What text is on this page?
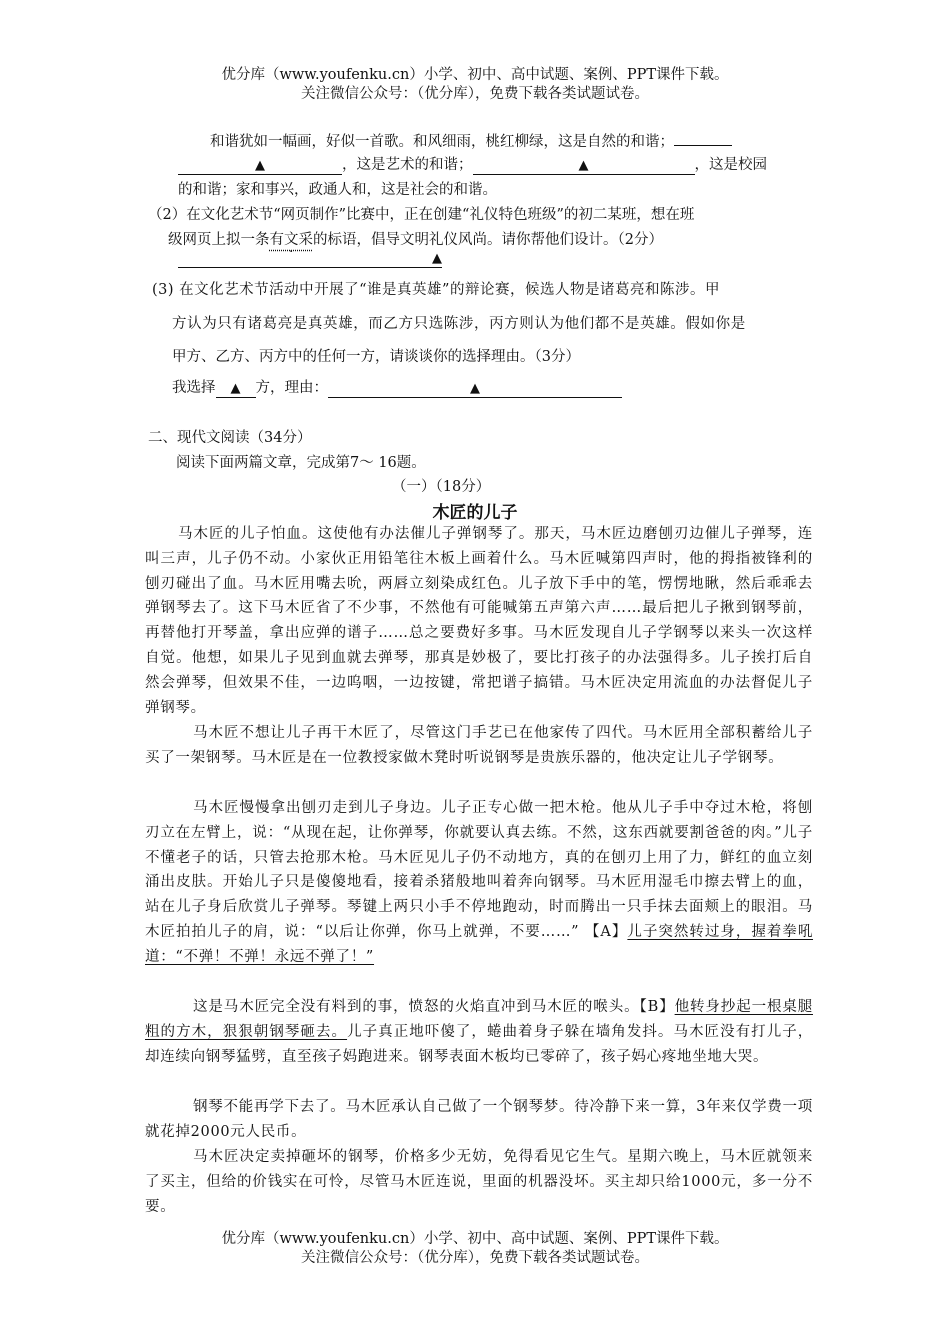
优分库（www.youfenku.cn）小学、初中、高中试题、案例、PPT课件下载。
关注微信公众号：（优分库），免费下载各类试题试卷。
和谐犹如一幅画，好似一首歌。和风细雨，桃红柳绿，这是自然的和谐；
▲	，这是艺术的和谐；	▲	，这是校园
的和谐；家和事兴，政通人和，这是社会的和谐。
（2）在文化艺术节“网页制作”比赛中，正在创建“礼仪特色班级”的初二某班，想在班
级网页上拟一条有文采的标语，倡导文明礼仪风尚。请你帮他们设计。（2分）
▲
(3) 在文化艺术节活动中开展了“谁是真英雄”的辩论赛，候选人物是诸葛亮和陈涉。甲
方认为只有诸葛亮是真英雄，而乙方只选陈涉，丙方则认为他们都不是英雄。假如你是
甲方、乙方、丙方中的任何一方，请谈谈你的选择理由。（3分）
我选择 ▲ 方，理由：	▲
二、现代文阅读（34分）
阅读下面两篇文章，完成第7～ 16题。
（一）（18分）
木匠的儿子
马木匠的儿子怕血。这使他有办法催儿子弹钢琴了。那天，马木匠边磨刨刃边催儿子弹琴，连叫三声，儿子仍不动。小家伙正用铅笔往木板上画着什么。马木匠喊第四声时，他的拇指被锋利的刨刃碰出了血。马木匠用嘴去吮，两唇立刻染成红色。儿子放下手中的笔，愣愣地瞅，然后乖乖去弹钢琴去了。这下马木匠省了不少事，不然他有可能喊第五声第六声……最后把儿子揪到钢琴前，再替他打开琴盖，拿出应弹的谱子……总之要费好多事。马木匠发现自儿子学钢琴以来头一次这样自觉。他想，如果儿子见到血就去弹琴，那真是妙极了，要比打孩子的办法强得多。儿子挨打后自然会弹琴，但效果不佳，一边呜咽，一边按键，常把谱子搞错。马木匠决定用流血的办法督促儿子弹钢琴。
马木匠不想让儿子再干木匠了，尽管这门手艺已在他家传了四代。马木匠用全部积蓄给儿子买了一架钢琴。马木匠是在一位教授家做木凳时听说钢琴是贵族乐器的，他决定让儿子学钢琴。
马木匠慢慢拿出刨刃走到儿子身边。儿子正专心做一把木枪。他从儿子手中夺过木枪，将刨刃立在左臂上，说：“从现在起，让你弹琴，你就要认真去练。不然，这东西就要割爸爸的肉。”儿子不懂老子的话，只管去抢那木枪。马木匠见儿子仍不动地方，真的在刨刃上用了力，鲜红的血立刻涌出皮肤。开始儿子只是傻傻地看，接着杀猪般地叫着奔向钢琴。马木匠用湿毛巾擦去臂上的血，站在儿子身后欣赏儿子弹琴。琴键上两只小手不停地跑动，时而腾出一只手抹去面颊上的眼泪。马木匠拍拍儿子的肩，说：“以后让你弹，你马上就弹，不要……” 【A】儿子突然转过身，握着拳吼道：“不弹！不弹！永远不弹了！”
这是马木匠完全没有料到的事，愤怒的火焰直冲到马木匠的喉头。【B】他转身抄起一根桌腿粗的方木，狠狠朝钢琴砸去。儿子真正地吓傻了，蜷曲着身子躲在墙角发抖。马木匠没有打儿子，却连续向钢琴猛劈，直至孩子妈跑进来。钢琴表面木板均已零碎了，孩子妈心疼地坐地大哭。
钢琴不能再学下去了。马木匠承认自己做了一个钢琴梦。待冷静下来一算，3年来仅学费一项就花掉2000元人民币。
马木匠决定卖掉砸坏的钢琴，价格多少无妨，免得看见它生气。星期六晚上，马木匠就领来了买主，但给的价钱实在可怜，尽管马木匠连说，里面的机器没坏。买主却只给1000元，多一分不要。
优分库（www.youfenku.cn）小学、初中、高中试题、案例、PPT课件下载。
关注微信公众号：（优分库），免费下载各类试题试卷。
